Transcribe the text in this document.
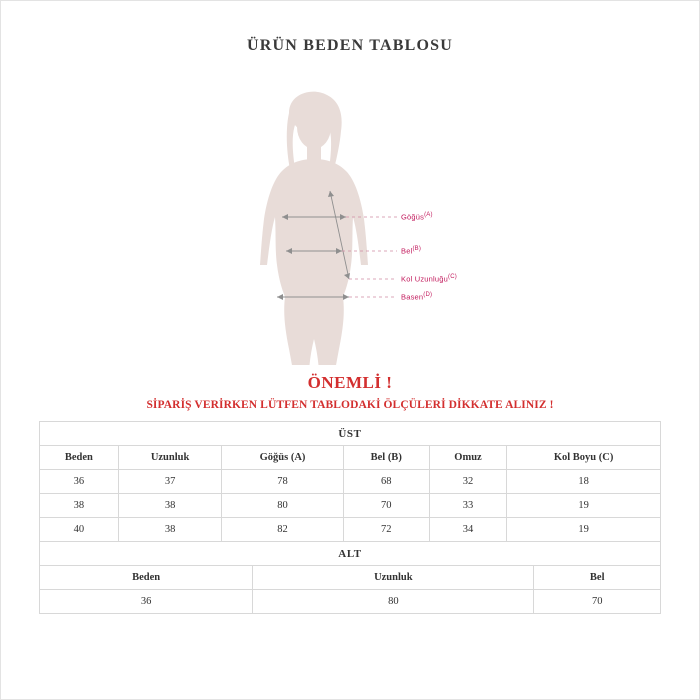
ÜRÜN BEDEN TABLOSU
Göğüs$^{(A)}$
Bel$^{(B)}$
Kol Uzunluğu$^{(C)}$
Basen$^{(D)}$
ÖNEMLİ !
SİPARİŞ VERİRKEN LÜTFEN TABLODAKİ ÖLÇÜLERİ DİKKATE ALINIZ !
ÜST					
Beden	Uzunluk	Göğüs (A)	Bel (B)	Omuz	Kol Boyu (C)
36	37	78	68	32	18
38	38	80	70	33	19
40	38	82	72	34	19
ALT		
Beden	Uzunluk	Bel
36	80	70
